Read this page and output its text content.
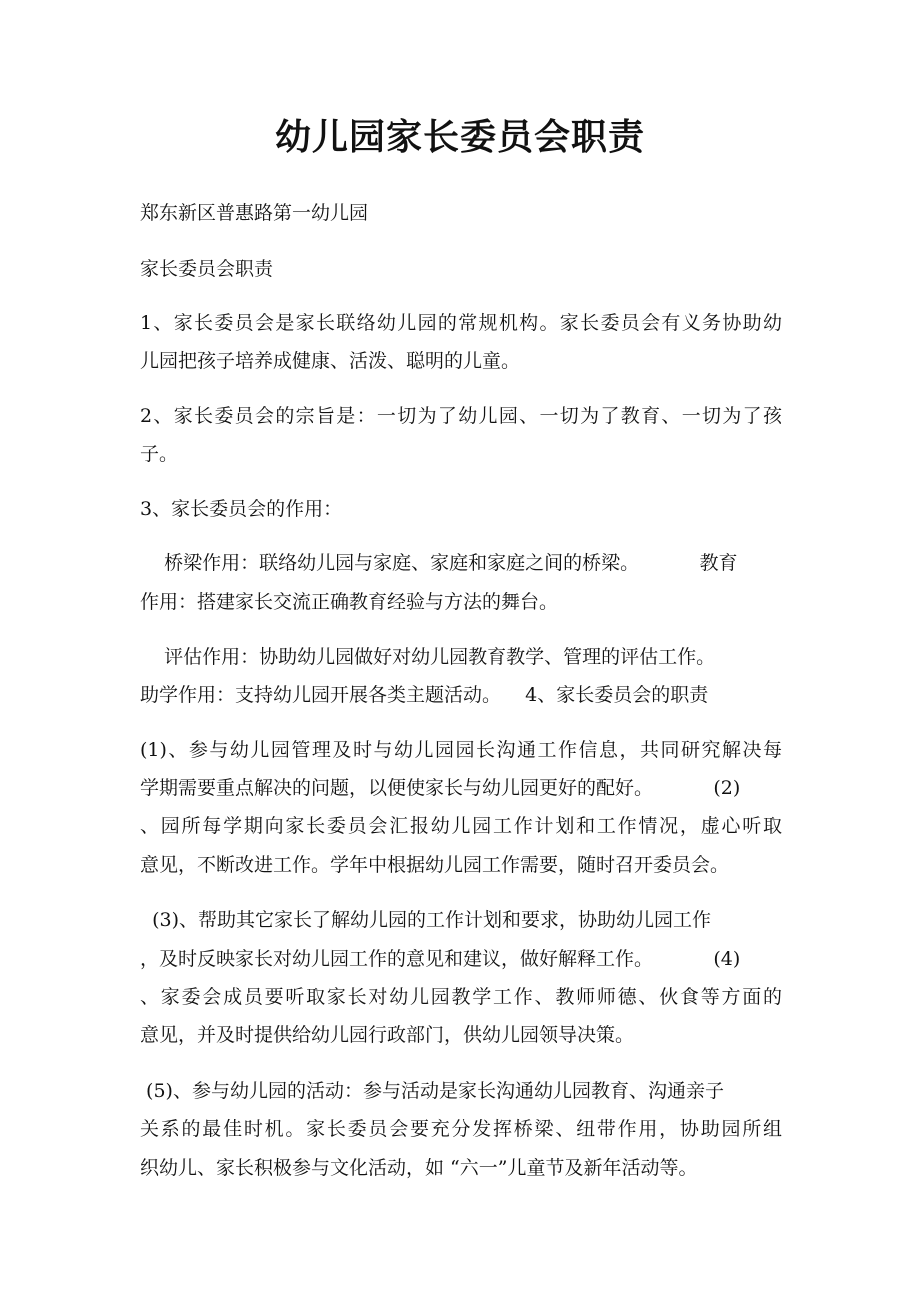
幼儿园家长委员会职责
郑东新区普惠路第一幼儿园
家长委员会职责
1、家长委员会是家长联络幼儿园的常规机构。家长委员会有义务协助幼
儿园把孩子培养成健康、活泼、聪明的儿童。
2、家长委员会的宗旨是：一切为了幼儿园、一切为了教育、一切为了孩
子。
3、家长委员会的作用：
桥梁作用：联络幼儿园与家庭、家庭和家庭之间的桥梁。          教育
作用：搭建家长交流正确教育经验与方法的舞台。
评估作用：协助幼儿园做好对幼儿园教育教学、管理的评估工作。
助学作用：支持幼儿园开展各类主题活动。    4、家长委员会的职责
(1)、参与幼儿园管理及时与幼儿园园长沟通工作信息，共同研究解决每
学期需要重点解决的问题，以便使家长与幼儿园更好的配好。          (2)
、园所每学期向家长委员会汇报幼儿园工作计划和工作情况，虚心听取
意见，不断改进工作。学年中根据幼儿园工作需要，随时召开委员会。
(3)、帮助其它家长了解幼儿园的工作计划和要求，协助幼儿园工作
，及时反映家长对幼儿园工作的意见和建议，做好解释工作。          (4)
、家委会成员要听取家长对幼儿园教学工作、教师师德、伙食等方面的
意见，并及时提供给幼儿园行政部门，供幼儿园领导决策。
(5)、参与幼儿园的活动：参与活动是家长沟通幼儿园教育、沟通亲子
关系的最佳时机。家长委员会要充分发挥桥梁、纽带作用，协助园所组
织幼儿、家长积极参与文化活动，如 “六一”儿童节及新年活动等。
